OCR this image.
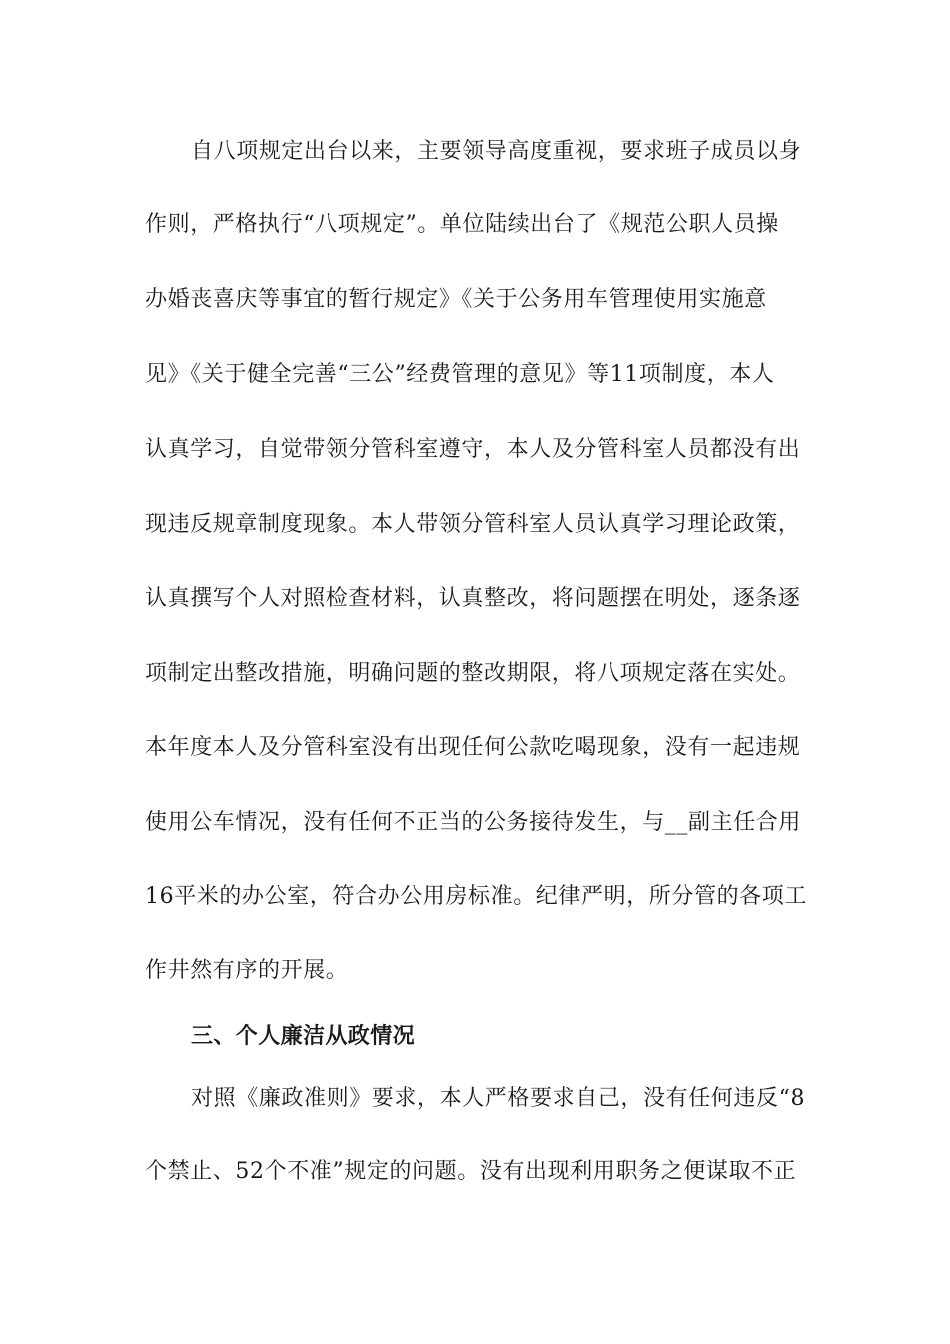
自八项规定出台以来，主要领导高度重视，要求班子成员以身
作则，严格执行“八项规定”。单位陆续出台了《规范公职人员操
办婚丧喜庆等事宜的暂行规定》《关于公务用车管理使用实施意
见》《关于健全完善“三公”经费管理的意见》等11项制度，本人
认真学习，自觉带领分管科室遵守，本人及分管科室人员都没有出
现违反规章制度现象。本人带领分管科室人员认真学习理论政策，
认真撰写个人对照检查材料，认真整改，将问题摆在明处，逐条逐
项制定出整改措施，明确问题的整改期限，将八项规定落在实处。
本年度本人及分管科室没有出现任何公款吃喝现象，没有一起违规
使用公车情况，没有任何不正当的公务接待发生，与__副主任合用
16平米的办公室，符合办公用房标准。纪律严明，所分管的各项工
作井然有序的开展。
三、个人廉洁从政情况
对照《廉政准则》要求，本人严格要求自己，没有任何违反“8
个禁止、52个不准”规定的问题。没有出现利用职务之便谋取不正
